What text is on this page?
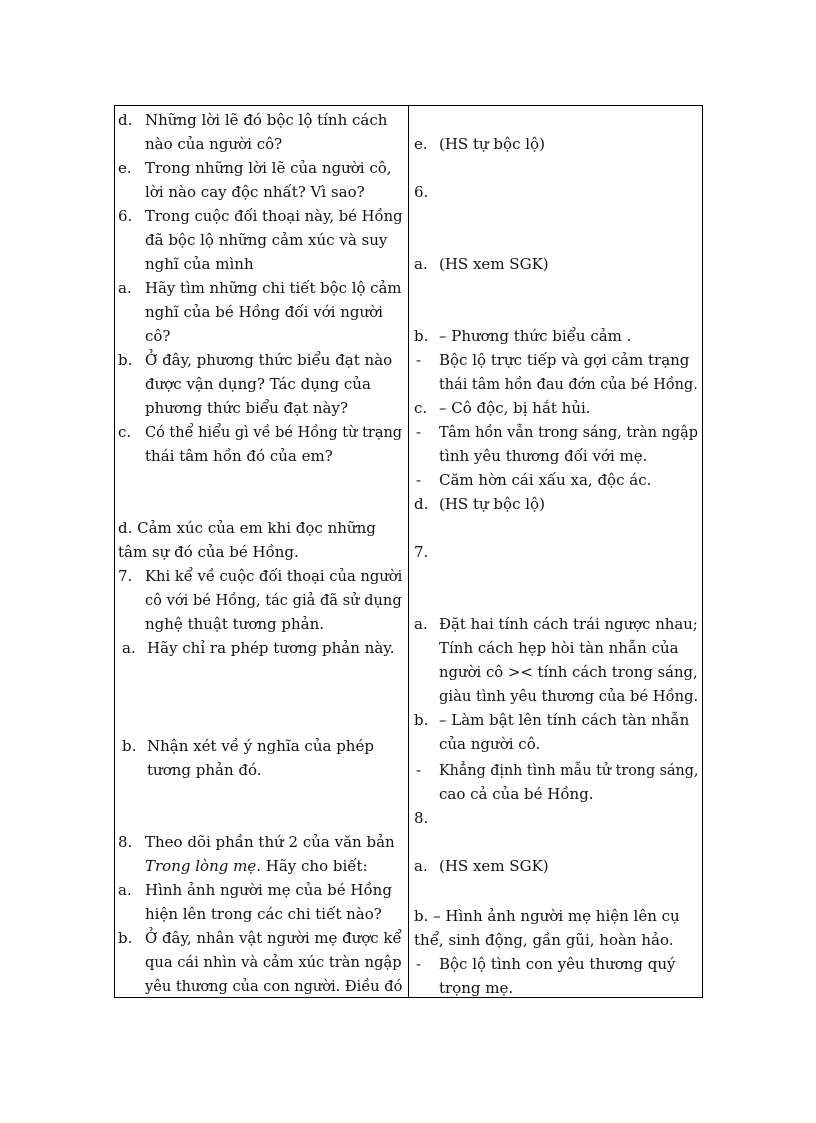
d. Những lời lẽ đó bộc lộ tính cách
nào của người cô?
e. Trong những lời lẽ của người cô,
lời nào cay độc nhất? Vì sao?
6. Trong cuộc đối thoại này, bé Hồng
đã bộc lộ những cảm xúc và suy
nghĩ của mình
a. Hãy tìm những chi tiết bộc lộ cảm
nghĩ của bé Hồng đối với người
cô?
b. Ở đây, phương thức biểu đạt nào
được vận dụng? Tác dụng của
phương thức biểu đạt này?
c. Có thể hiểu gì về bé Hồng từ trạng
thái tâm hồn đó của em?
d. Cảm xúc của em khi đọc những
tâm sự đó của bé Hồng.
7. Khi kể về cuộc đối thoại của người
cô với bé Hồng, tác giả đã sử dụng
nghệ thuật tương phản.
a. Hãy chỉ ra phép tương phản này.
b. Nhận xét về ý nghĩa của phép
tương phản đó.
8. Theo dõi phần thứ 2 của văn bản
Trong lòng mẹ. Hãy cho biết:
a. Hình ảnh người mẹ của bé Hồng
hiện lên trong các chi tiết nào?
b. Ở đây, nhân vật người mẹ được kể
qua cái nhìn và cảm xúc tràn ngập
yêu thương của con người. Điều đó
e. (HS tự bộc lộ)
6.
a. (HS xem SGK)
b. – Phương thức biểu cảm .
- Bộc lộ trực tiếp và gợi cảm trạng
thái tâm hồn đau đớn của bé Hồng.
c. – Cô độc, bị hắt hủi.
- Tâm hồn vẫn trong sáng, tràn ngập
tình yêu thương đối với mẹ.
- Căm hờn cái xấu xa, độc ác.
d. (HS tự bộc lộ)
7.
a. Đặt hai tính cách trái ngược nhau;
Tính cách hẹp hòi tàn nhẫn của
người cô >< tính cách trong sáng,
giàu tình yêu thương của bé Hồng.
b. – Làm bật lên tính cách tàn nhẫn
của người cô.
- Khẳng định tình mẫu tử trong sáng,
cao cả của bé Hồng.
8.
a. (HS xem SGK)
b. – Hình ảnh người mẹ hiện lên cụ
thể, sinh động, gần gũi, hoàn hảo.
- Bộc lộ tình con yêu thương quý
trọng mẹ.
